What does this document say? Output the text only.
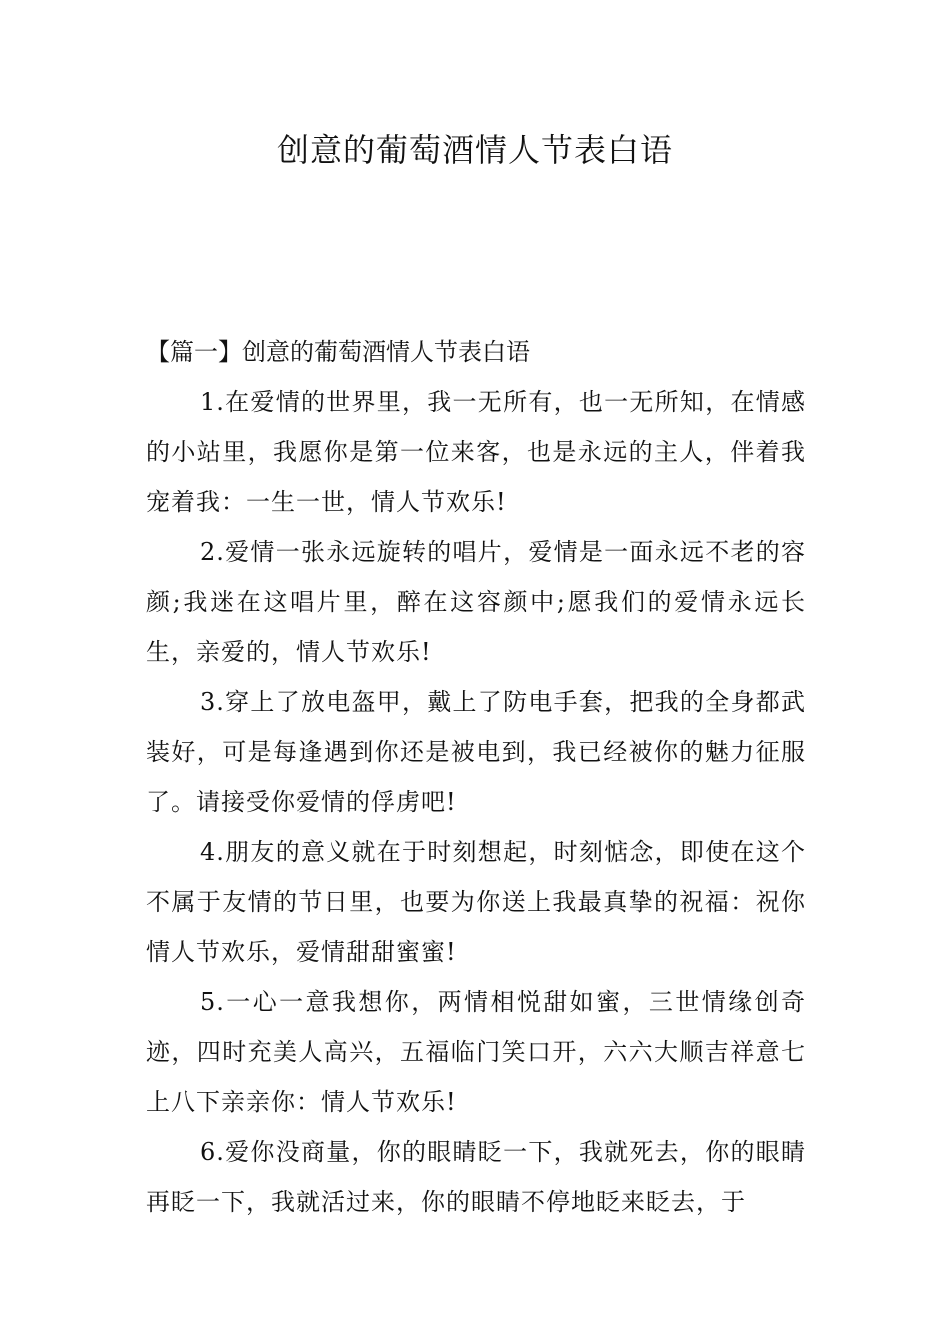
创意的葡萄酒情人节表白语

【篇一】创意的葡萄酒情人节表白语

1.在爱情的世界里，我一无所有，也一无所知，在情感的小站里，我愿你是第一位来客，也是永远的主人，伴着我宠着我：一生一世，情人节欢乐!

2.爱情一张永远旋转的唱片，爱情是一面永远不老的容颜;我迷在这唱片里，醉在这容颜中;愿我们的爱情永远长生，亲爱的，情人节欢乐!

3.穿上了放电盔甲，戴上了防电手套，把我的全身都武装好，可是每逢遇到你还是被电到，我已经被你的魅力征服了。请接受你爱情的俘虏吧!

4.朋友的意义就在于时刻想起，时刻惦念，即使在这个不属于友情的节日里，也要为你送上我最真挚的祝福：祝你情人节欢乐，爱情甜甜蜜蜜!

5.一心一意我想你，两情相悦甜如蜜，三世情缘创奇迹，四时充美人高兴，五福临门笑口开，六六大顺吉祥意七上八下亲亲你：情人节欢乐!

6.爱你没商量，你的眼睛眨一下，我就死去，你的眼睛再眨一下，我就活过来，你的眼睛不停地眨来眨去，于
